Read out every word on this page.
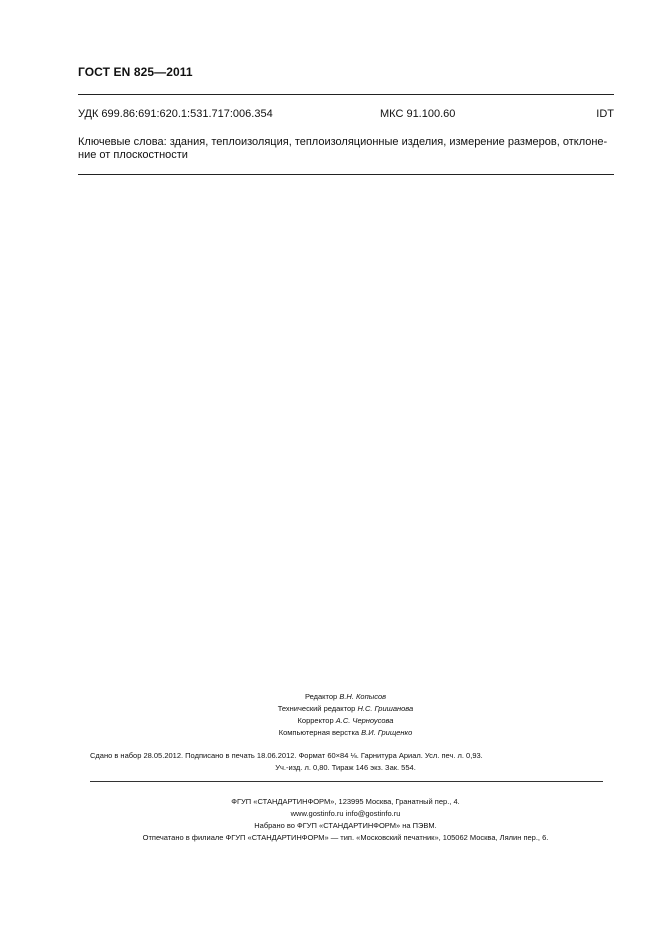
ГОСТ EN 825—2011
УДК 699.86:691:620.1:531.717:006.354	МКС 91.100.60	IDT
Ключевые слова: здания, теплоизоляция, теплоизоляционные изделия, измерение размеров, отклоне-
ние от плоскостности
Редактор В.Н. Копысов
Технический редактор Н.С. Гришанова
Корректор А.С. Черноусова
Компьютерная верстка В.И. Грищенко
Сдано в набор 28.05.2012. Подписано в печать 18.06.2012. Формат 60×84 ⅛. Гарнитура Ариал. Усл. печ. л. 0,93.
Уч.-изд. л. 0,80. Тираж 146 экз. Зак. 554.
ФГУП «СТАНДАРТИНФОРМ», 123995 Москва, Гранатный пер., 4.
www.gostinfo.ru info@gostinfo.ru
Набрано во ФГУП «СТАНДАРТИНФОРМ» на ПЭВМ.
Отпечатано в филиале ФГУП «СТАНДАРТИНФОРМ» — тип. «Московский печатник», 105062 Москва, Лялин пер., 6.
